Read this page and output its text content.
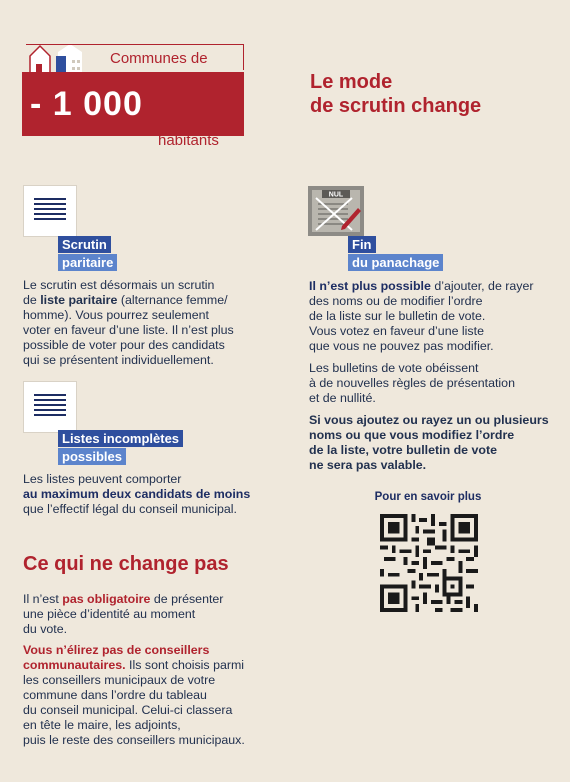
Communes de
- 1 000
habitants
Le mode
de scrutin change
Scrutin
paritaire
Le scrutin est désormais un scrutin
de liste paritaire (alternance femme/
homme). Vous pourrez seulement
voter en faveur d’une liste. Il n’est plus
possible de voter pour des candidats
qui se présentent individuellement.
Listes incomplètes
possibles
Les listes peuvent comporter
au maximum deux candidats de moins
que l’effectif légal du conseil municipal.
Ce qui ne change pas
Il n’est pas obligatoire de présenter
une pièce d’identité au moment
du vote.
Vous n’élirez pas de conseillers
communautaires. Ils sont choisis parmi
les conseillers municipaux de votre
commune dans l’ordre du tableau
du conseil municipal. Celui-ci classera
en tête le maire, les adjoints,
puis le reste des conseillers municipaux.
NUL
Fin
du panachage
Il n’est plus possible d’ajouter, de rayer
des noms ou de modifier l’ordre
de la liste sur le bulletin de vote.
Vous votez en faveur d’une liste
que vous ne pouvez pas modifier.
Les bulletins de vote obéissent
à de nouvelles règles de présentation
et de nullité.
Si vous ajoutez ou rayez un ou plusieurs
noms ou que vous modifiez l’ordre
de la liste, votre bulletin de vote
ne sera pas valable.
Pour en savoir plus
